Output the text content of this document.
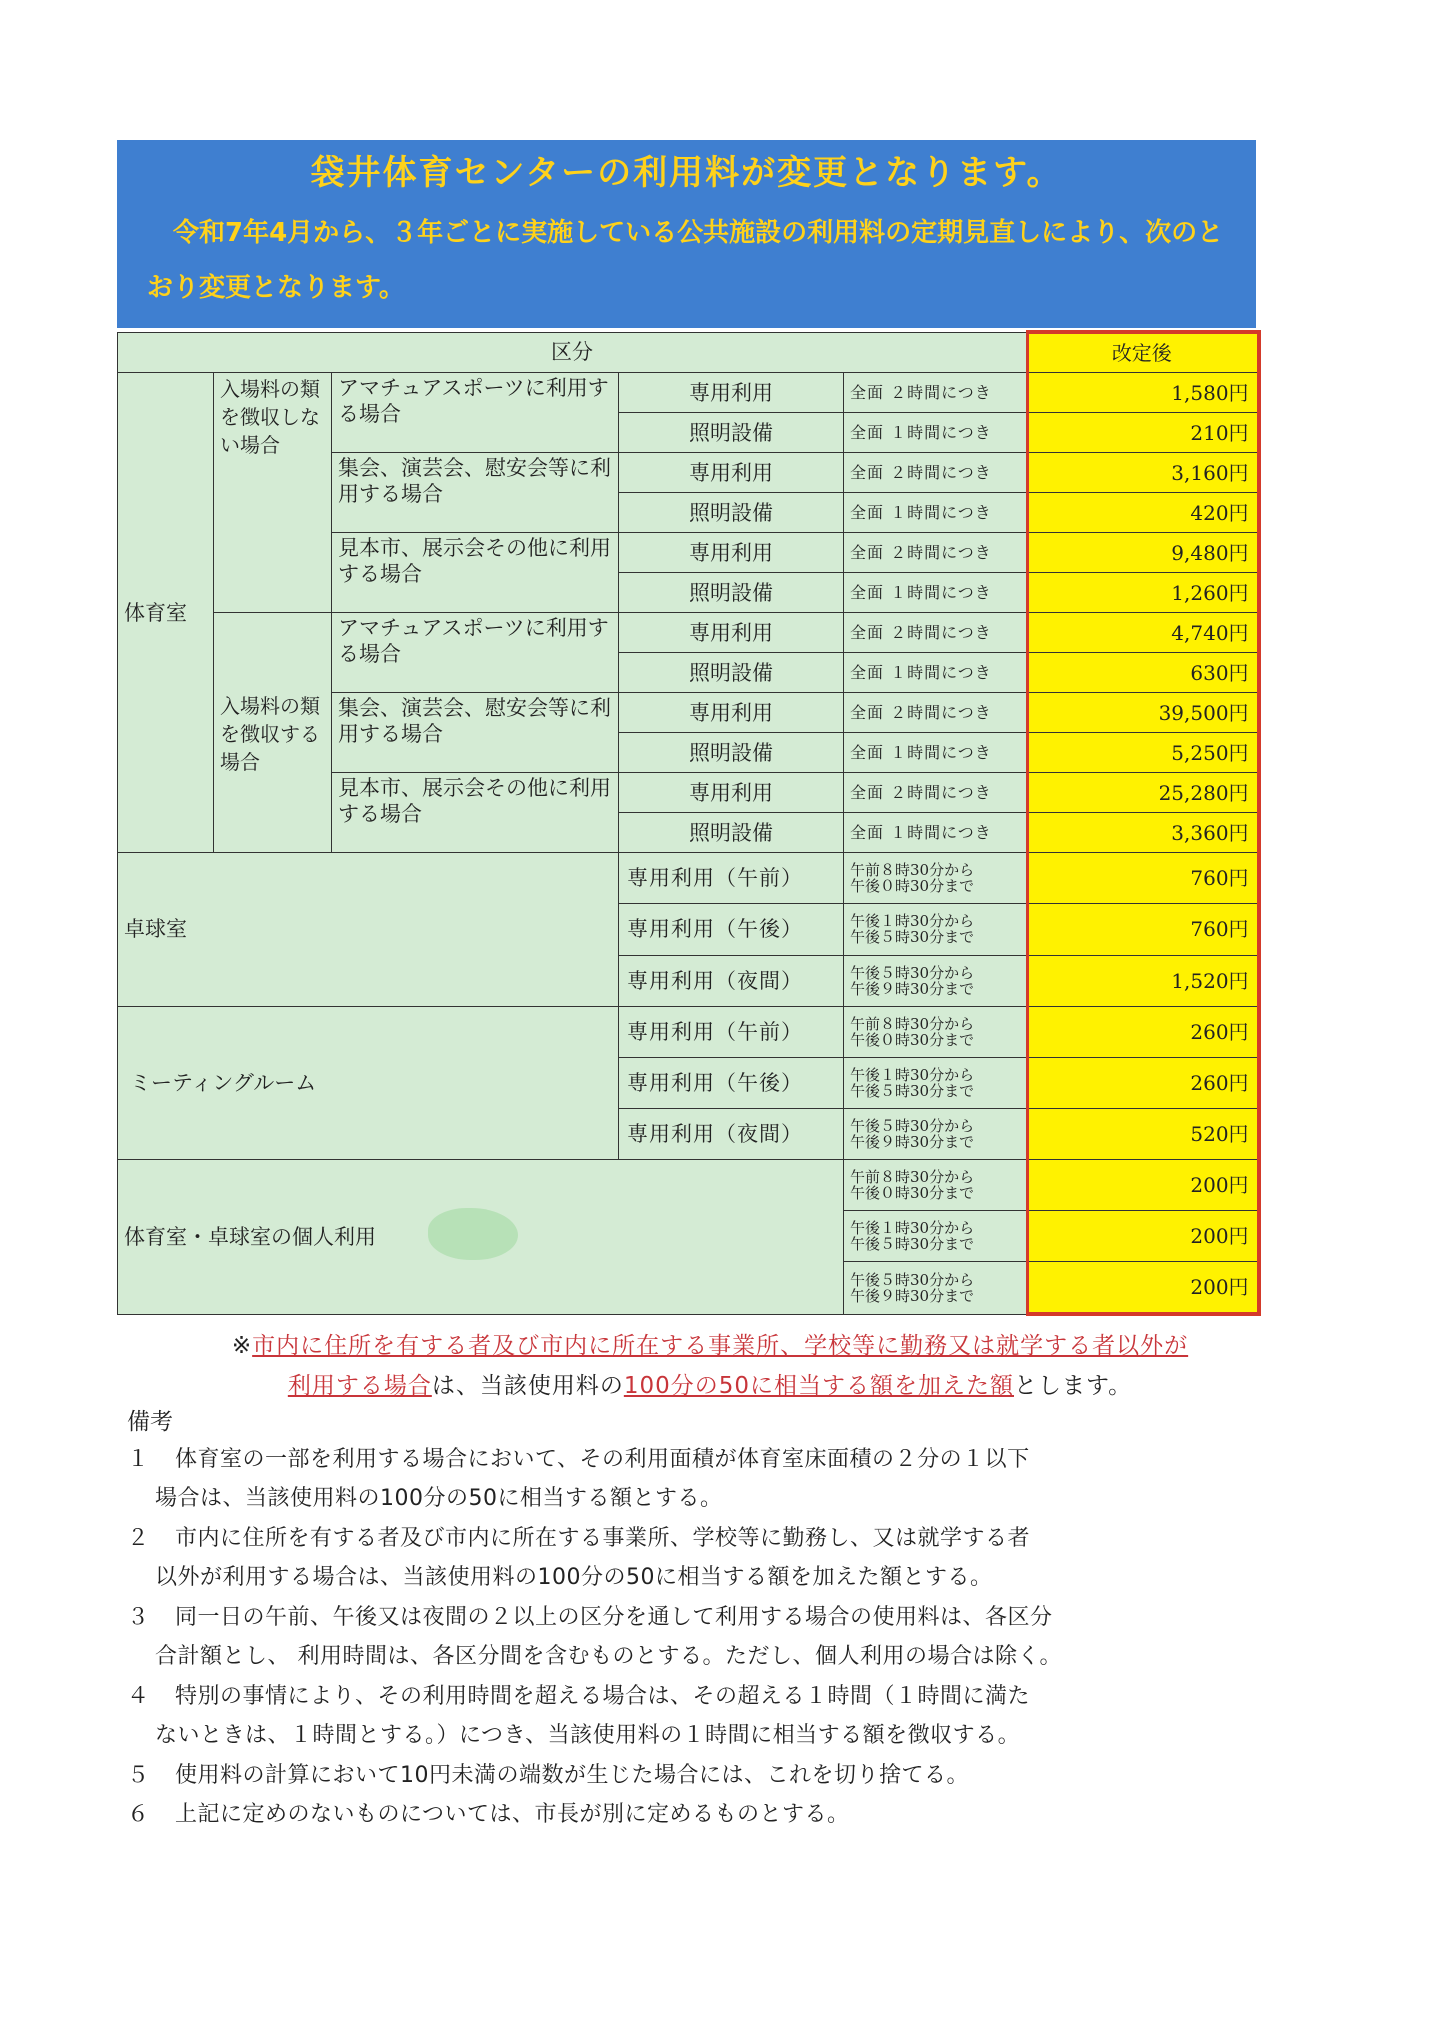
袋井体育センターの利用料が変更となります。
令和7年4月から、３年ごとに実施している公共施設の利用料の定期見直しにより、次のとおり変更となります。
区分					改定後
体育室	入場料の類を徴収しない場合	アマチュアスポーツに利用する場合	専用利用	全面 ２時間につき	1,580円
			照明設備	全面 １時間につき	210円
		集会、演芸会、慰安会等に利用する場合	専用利用	全面 ２時間につき	3,160円
			照明設備	全面 １時間につき	420円
		見本市、展示会その他に利用する場合	専用利用	全面 ２時間につき	9,480円
			照明設備	全面 １時間につき	1,260円
	入場料の類を徴収する場合	アマチュアスポーツに利用する場合	専用利用	全面 ２時間につき	4,740円
			照明設備	全面 １時間につき	630円
		集会、演芸会、慰安会等に利用する場合	専用利用	全面 ２時間につき	39,500円
			照明設備	全面 １時間につき	5,250円
		見本市、展示会その他に利用する場合	専用利用	全面 ２時間につき	25,280円
			照明設備	全面 １時間につき	3,360円
卓球室			専用利用（午前）	午前８時30分から
午後０時30分まで	760円
			専用利用（午後）	午後１時30分から
午後５時30分まで	760円
			専用利用（夜間）	午後５時30分から
午後９時30分まで	1,520円
ミーティングルーム			専用利用（午前）	午前８時30分から
午後０時30分まで	260円
			専用利用（午後）	午後１時30分から
午後５時30分まで	260円
			専用利用（夜間）	午後５時30分から
午後９時30分まで	520円
体育室・卓球室の個人利用				午前８時30分から
午後０時30分まで	200円
				午後１時30分から
午後５時30分まで	200円
				午後５時30分から
午後９時30分まで	200円
※市内に住所を有する者及び市内に所在する事業所、学校等に勤務又は就学する者以外が
利用する場合は、当該使用料の100分の50に相当する額を加えた額とします。
備考
１ 体育室の一部を利用する場合において、その利用面積が体育室床面積の２分の１以下
場合は、当該使用料の100分の50に相当する額とする。
２ 市内に住所を有する者及び市内に所在する事業所、学校等に勤務し、又は就学する者
以外が利用する場合は、当該使用料の100分の50に相当する額を加えた額とする。
３ 同一日の午前、午後又は夜間の２以上の区分を通して利用する場合の使用料は、各区分
合計額とし、 利用時間は、各区分間を含むものとする。ただし、個人利用の場合は除く。
４ 特別の事情により、その利用時間を超える場合は、その超える１時間（１時間に満た
ないときは、１時間とする。）につき、当該使用料の１時間に相当する額を徴収する。
５ 使用料の計算において10円未満の端数が生じた場合には、これを切り捨てる。
６ 上記に定めのないものについては、市長が別に定めるものとする。
